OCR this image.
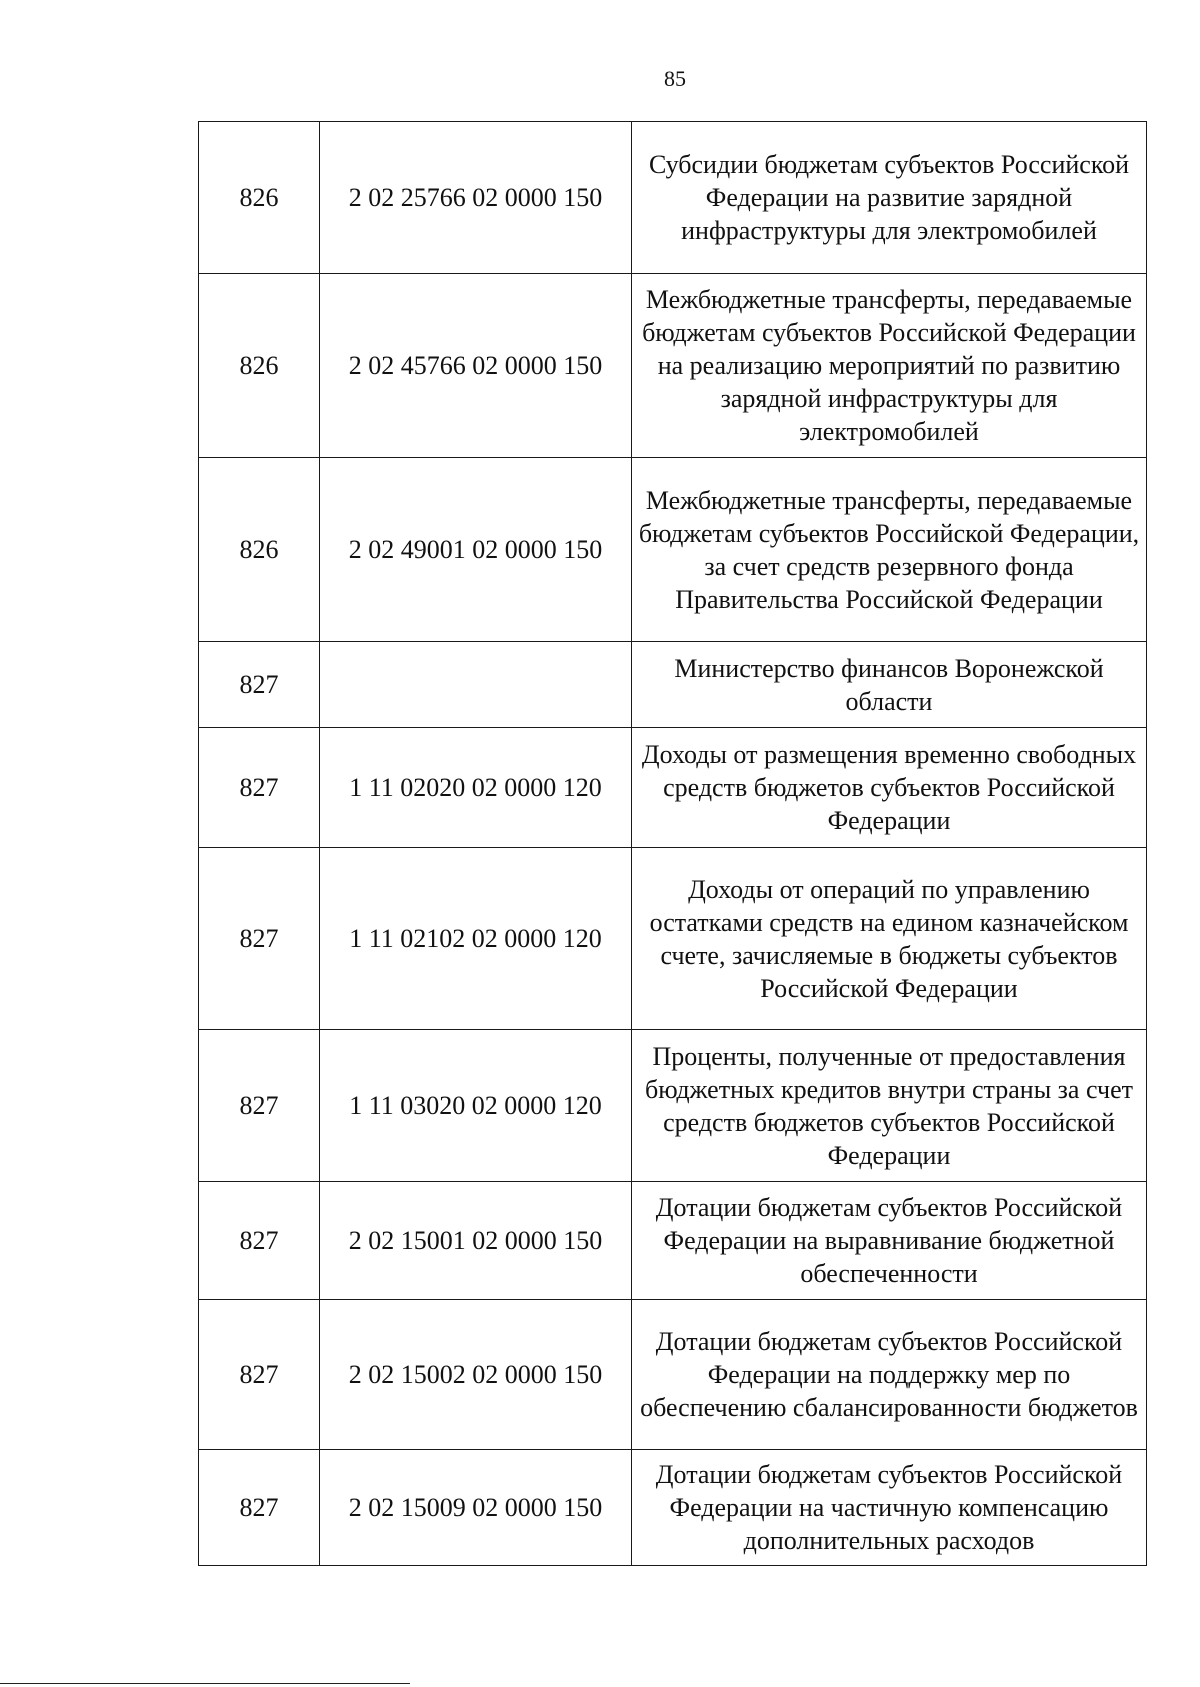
85
826	2 02 25766 02 0000 150	Субсидии бюджетам субъектов Российской Федерации на развитие зарядной инфраструктуры для электромобилей
826	2 02 45766 02 0000 150	Межбюджетные трансферты, передаваемые бюджетам субъектов Российской Федерации на реализацию мероприятий по развитию зарядной инфраструктуры для электромобилей
826	2 02 49001 02 0000 150	Межбюджетные трансферты, передаваемые бюджетам субъектов Российской Федерации, за счет средств резервного фонда Правительства Российской Федерации
827		Министерство финансов Воронежской области
827	1 11 02020 02 0000 120	Доходы от размещения временно свободных средств бюджетов субъектов Российской Федерации
827	1 11 02102 02 0000 120	Доходы от операций по управлению остатками средств на едином казначейском счете, зачисляемые в бюджеты субъектов Российской Федерации
827	1 11 03020 02 0000 120	Проценты, полученные от предоставления бюджетных кредитов внутри страны за счет средств бюджетов субъектов Российской Федерации
827	2 02 15001 02 0000 150	Дотации бюджетам субъектов Российской Федерации на выравнивание бюджетной обеспеченности
827	2 02 15002 02 0000 150	Дотации бюджетам субъектов Российской Федерации на поддержку мер по обеспечению сбалансированности бюджетов
827	2 02 15009 02 0000 150	Дотации бюджетам субъектов Российской Федерации на частичную компенсацию дополнительных расходов
